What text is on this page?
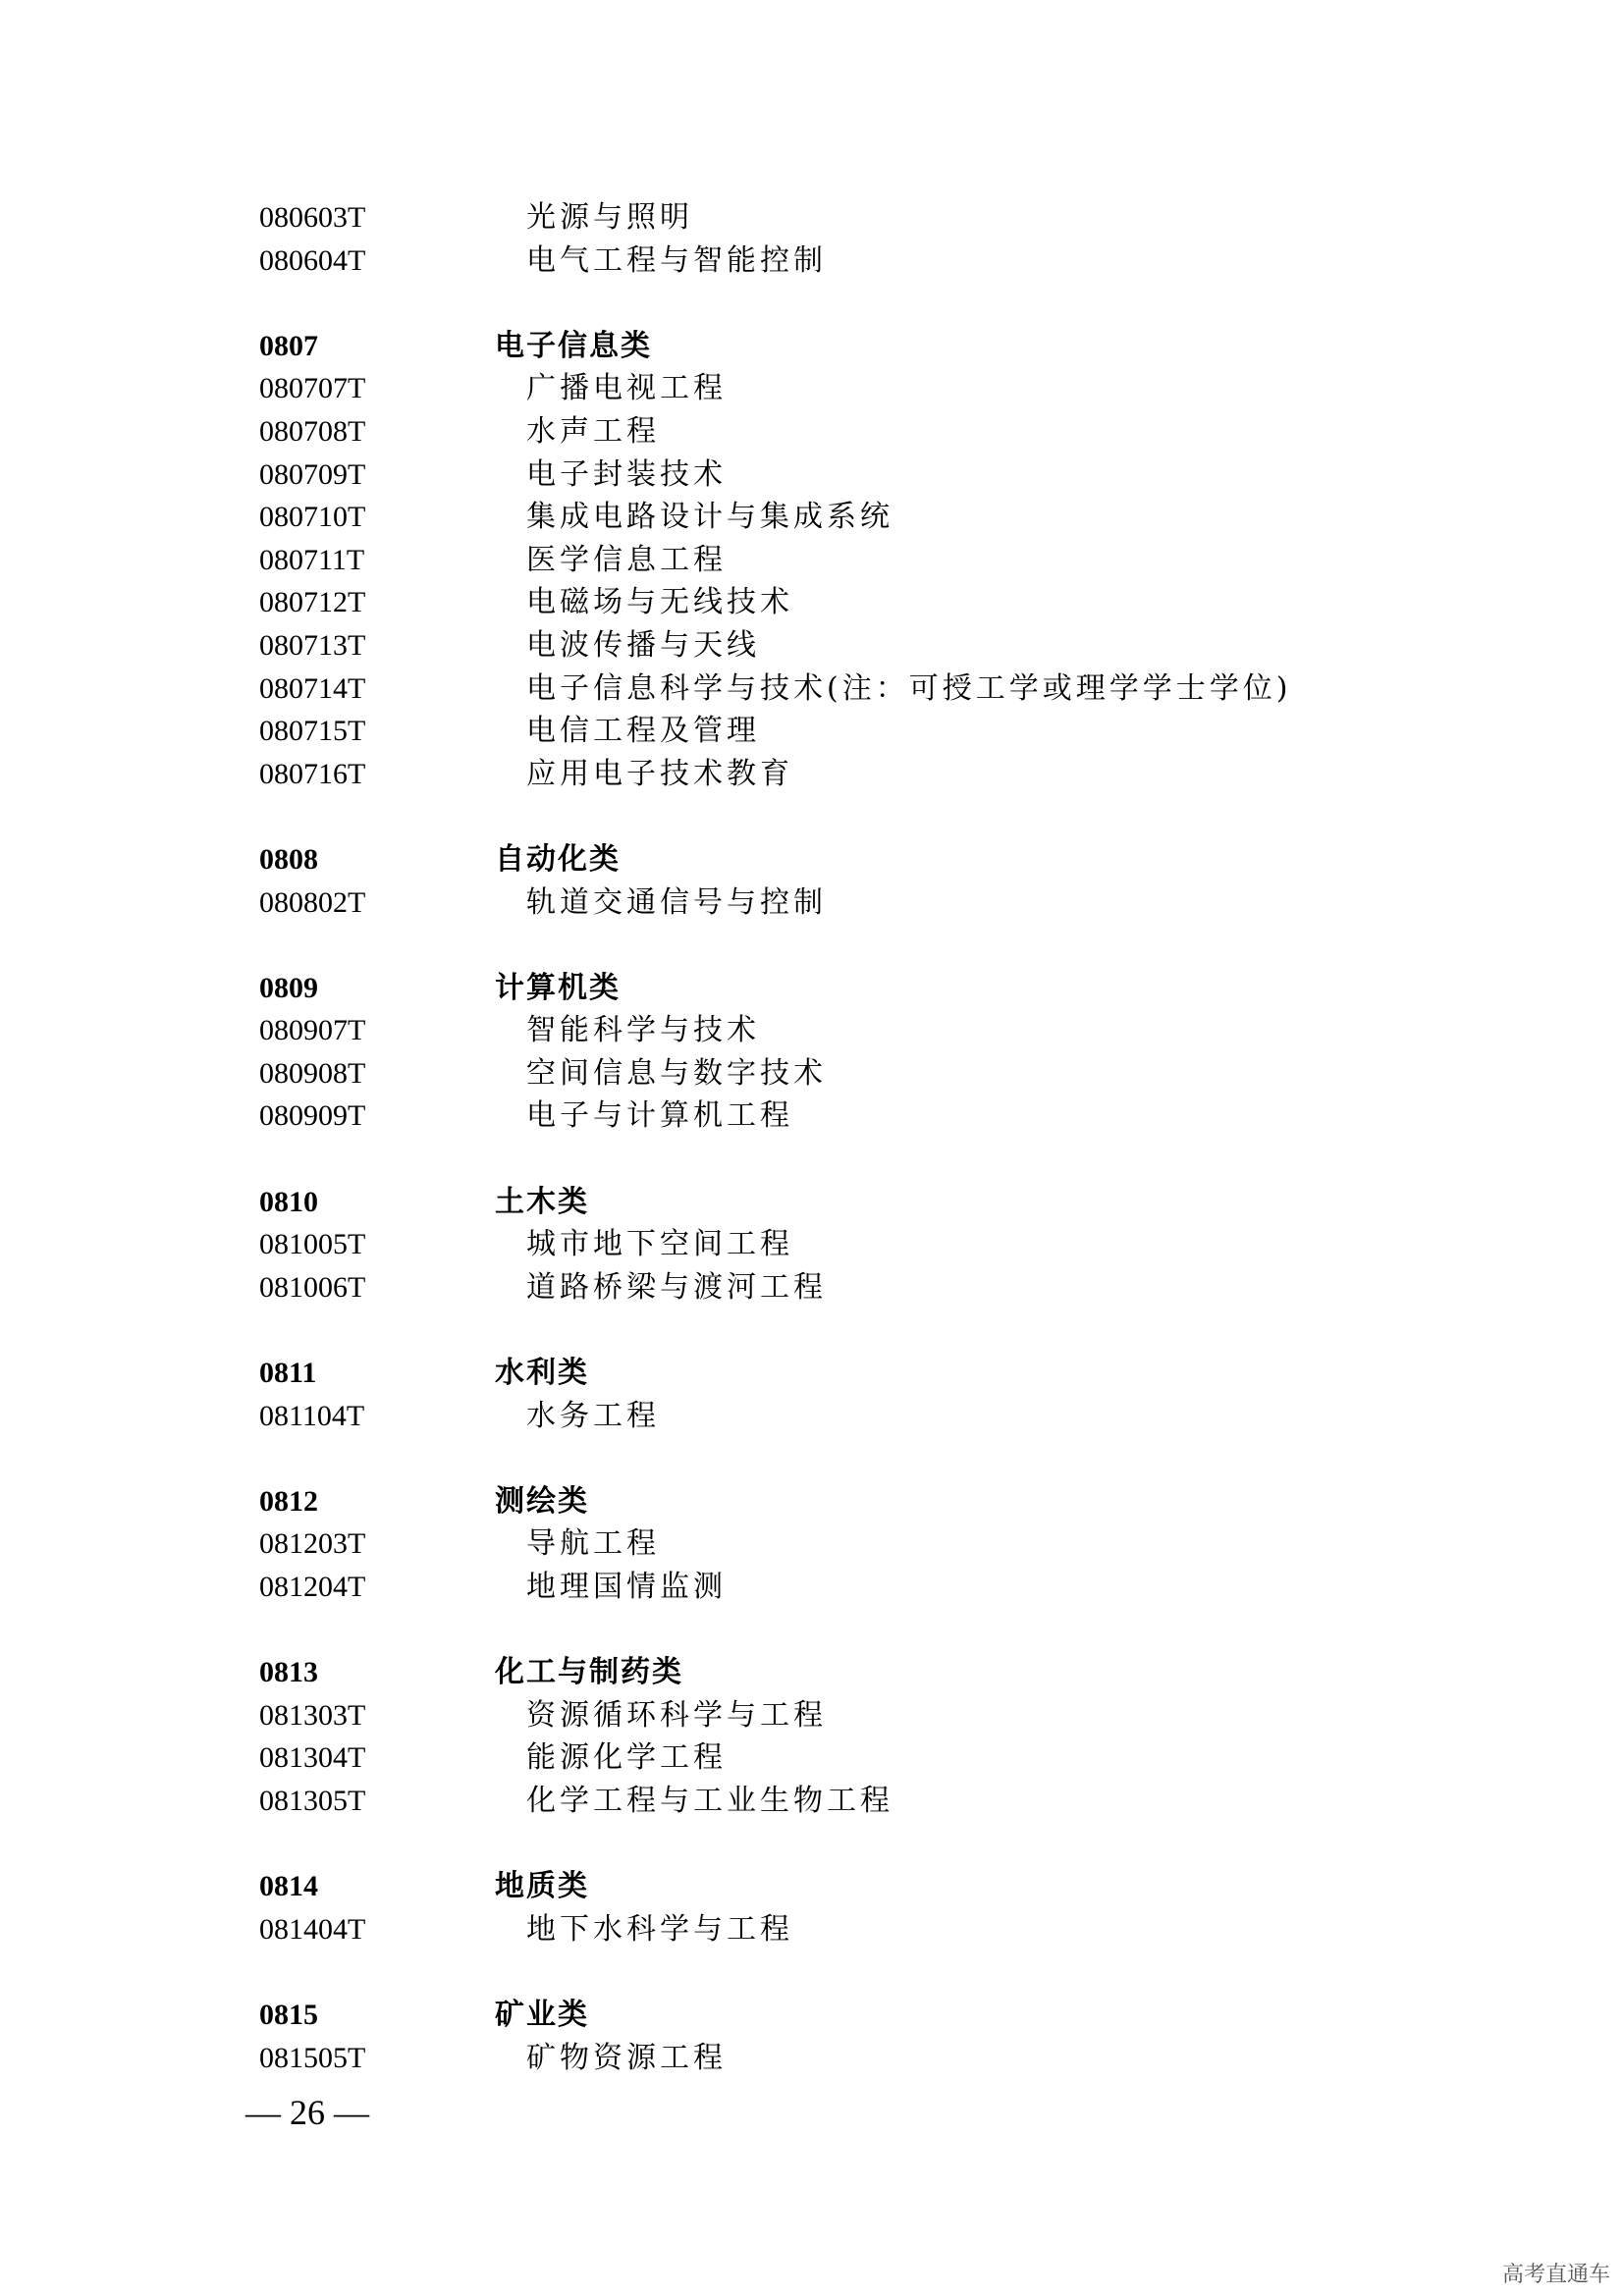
080603T	光源与照明
080604T	电气工程与智能控制
0807	电子信息类
080707T	广播电视工程
080708T	水声工程
080709T	电子封装技术
080710T	集成电路设计与集成系统
080711T	医学信息工程
080712T	电磁场与无线技术
080713T	电波传播与天线
080714T	电子信息科学与技术(注：可授工学或理学学士学位)
080715T	电信工程及管理
080716T	应用电子技术教育
0808	自动化类
080802T	轨道交通信号与控制
0809	计算机类
080907T	智能科学与技术
080908T	空间信息与数字技术
080909T	电子与计算机工程
0810	土木类
081005T	城市地下空间工程
081006T	道路桥梁与渡河工程
0811	水利类
081104T	水务工程
0812	测绘类
081203T	导航工程
081204T	地理国情监测
0813	化工与制药类
081303T	资源循环科学与工程
081304T	能源化学工程
081305T	化学工程与工业生物工程
0814	地质类
081404T	地下水科学与工程
0815	矿业类
081505T	矿物资源工程
— 26 —
高考直通车
